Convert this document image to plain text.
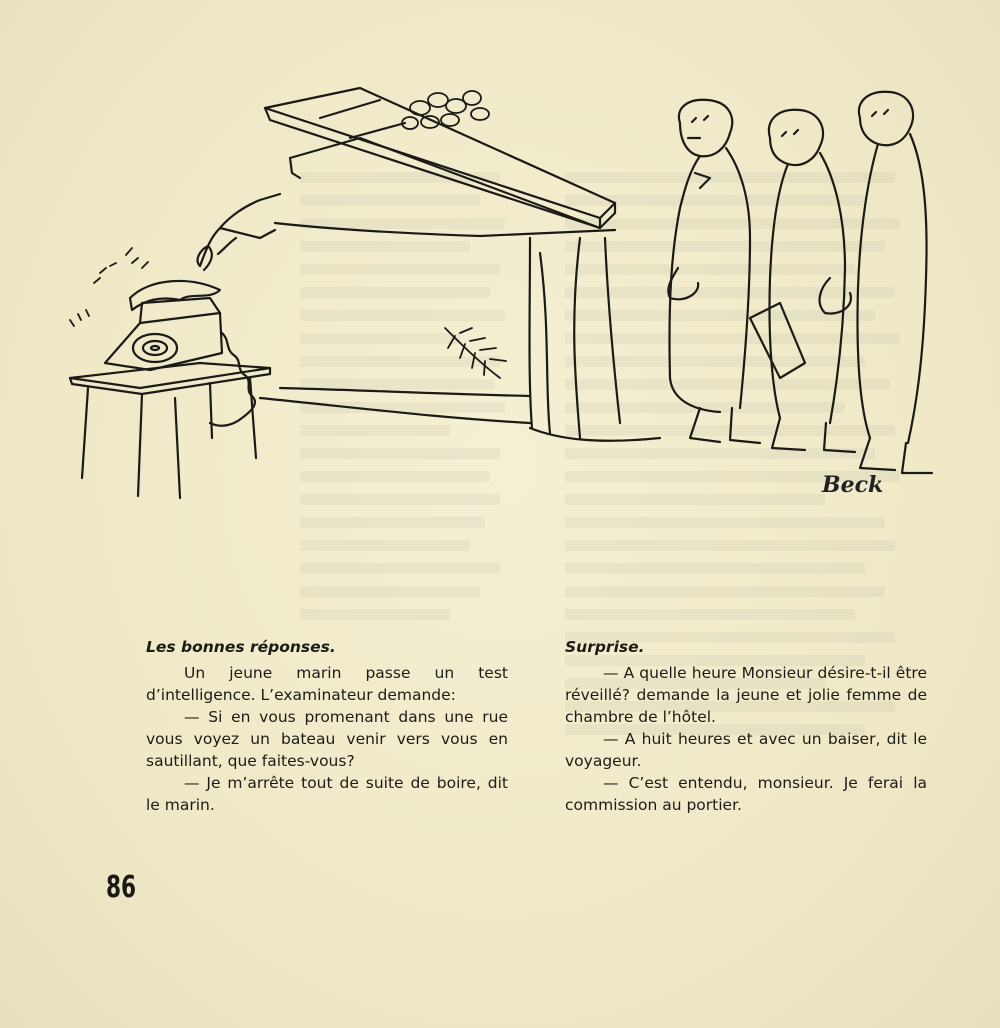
Beck

Les bonnes réponses.

Un jeune marin passe un test d’intelligence. L’examinateur demande:

— Si en vous promenant dans une rue vous voyez un bateau venir vers vous en sautillant, que faites-vous?

— Je m’arrête tout de suite de boire, dit le marin.

Surprise.

— A quelle heure Monsieur désire-t-il être réveillé? demande la jeune et jolie femme de chambre de l’hôtel.

— A huit heures et avec un baiser, dit le voyageur.

— C’est entendu, monsieur. Je ferai la commission au portier.

86
